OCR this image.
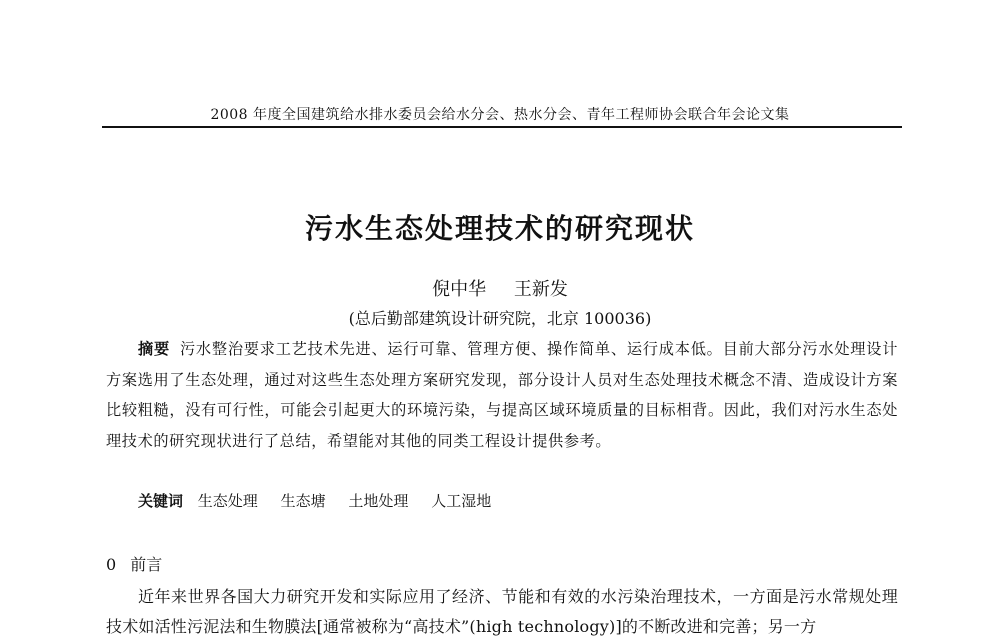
2008 年度全国建筑给水排水委员会给水分会、热水分会、青年工程师协会联合年会论文集
污水生态处理技术的研究现状
倪中华 王新发
(总后勤部建筑设计研究院，北京 100036)
摘要 污水整治要求工艺技术先进、运行可靠、管理方便、操作简单、运行成本低。目前大部分污水处理设计方案选用了生态处理，通过对这些生态处理方案研究发现，部分设计人员对生态处理技术概念不清、造成设计方案比较粗糙，没有可行性，可能会引起更大的环境污染，与提高区域环境质量的目标相背。因此，我们对污水生态处理技术的研究现状进行了总结，希望能对其他的同类工程设计提供参考。
关键词 生态处理 生态塘 土地处理 人工湿地
0 前言
近年来世界各国大力研究开发和实际应用了经济、节能和有效的水污染治理技术，一方面是污水常规处理技术如活性污泥法和生物膜法[通常被称为“高技术”(high technology)]的不断改进和完善；另一方
